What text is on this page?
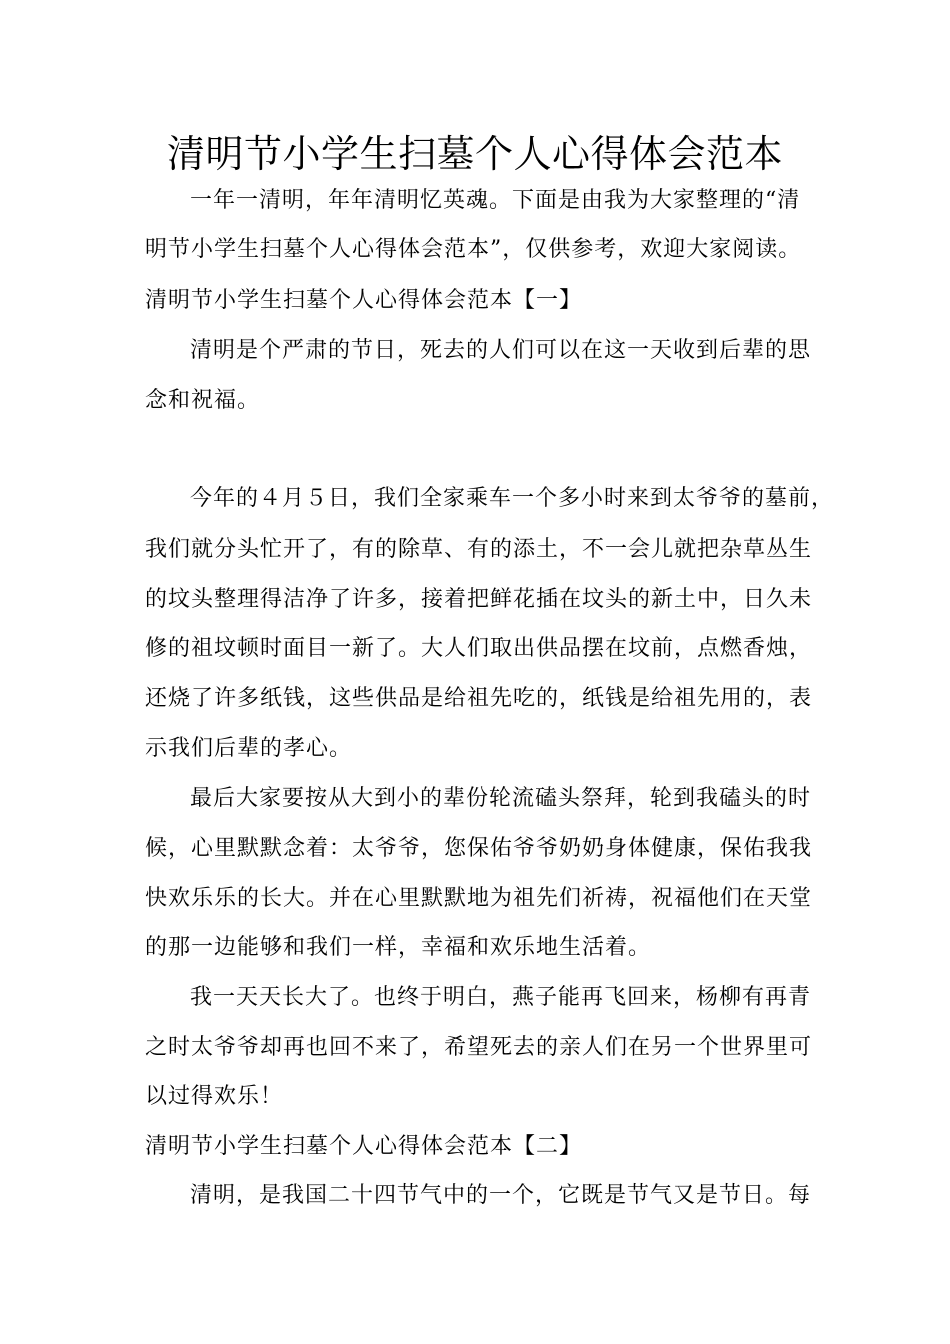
清明节小学生扫墓个人心得体会范本
一年一清明，年年清明忆英魂。下面是由我为大家整理的“清
明节小学生扫墓个人心得体会范本”，仅供参考，欢迎大家阅读。
清明节小学生扫墓个人心得体会范本【一】
清明是个严肃的节日，死去的人们可以在这一天收到后辈的思
念和祝福。
今年的４月５日，我们全家乘车一个多小时来到太爷爷的墓前，
我们就分头忙开了，有的除草、有的添土，不一会儿就把杂草丛生
的坟头整理得洁净了许多，接着把鲜花插在坟头的新土中，日久未
修的祖坟顿时面目一新了。大人们取出供品摆在坟前，点燃香烛，
还烧了许多纸钱，这些供品是给祖先吃的，纸钱是给祖先用的，表
示我们后辈的孝心。
最后大家要按从大到小的辈份轮流磕头祭拜，轮到我磕头的时
候，心里默默念着：太爷爷，您保佑爷爷奶奶身体健康，保佑我我
快欢乐乐的长大。并在心里默默地为祖先们祈祷，祝福他们在天堂
的那一边能够和我们一样，幸福和欢乐地生活着。
我一天天长大了。也终于明白，燕子能再飞回来，杨柳有再青
之时太爷爷却再也回不来了，希望死去的亲人们在另一个世界里可
以过得欢乐！
清明节小学生扫墓个人心得体会范本【二】
清明，是我国二十四节气中的一个，它既是节气又是节日。每
